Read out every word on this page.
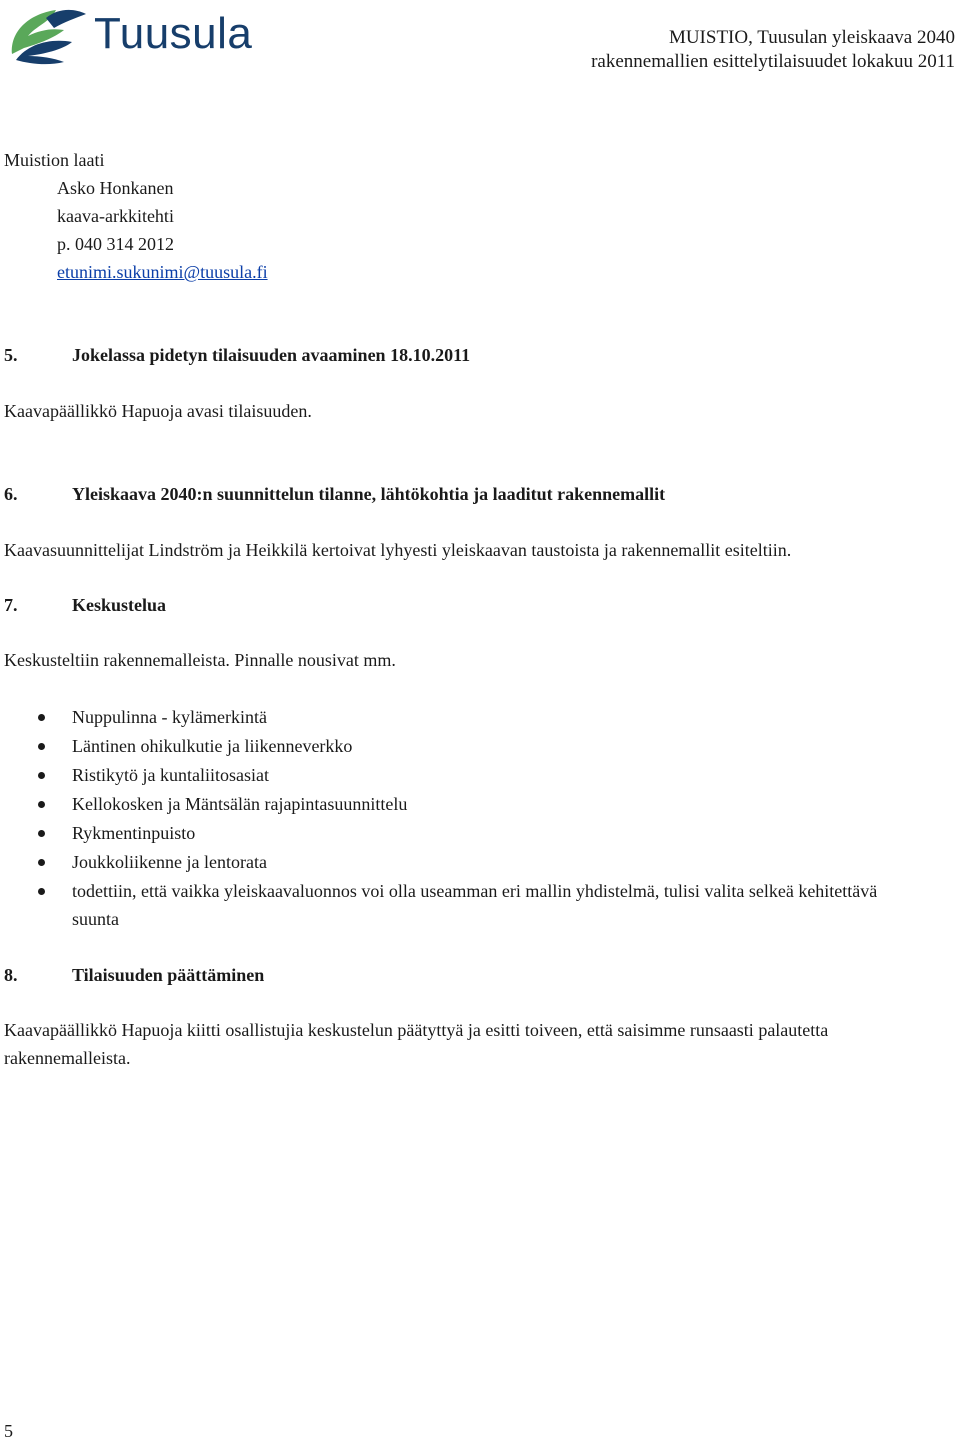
Tuusula	MUISTIO, Tuusulan yleiskaava 2040
rakennemallien esittelytilaisuudet lokakuu 2011
Muistion laati
Asko Honkanen
kaava-arkkitehti
p. 040 314 2012
etunimi.sukunimi@tuusula.fi
5.	Jokelassa pidetyn tilaisuuden avaaminen 18.10.2011
Kaavapäällikkö Hapuoja avasi tilaisuuden.
6.	Yleiskaava 2040:n suunnittelun tilanne, lähtökohtia ja laaditut rakennemallit
Kaavasuunnittelijat Lindström ja Heikkilä kertoivat lyhyesti yleiskaavan taustoista ja rakennemallit esiteltiin.
7.	Keskustelua
Keskusteltiin rakennemalleista. Pinnalle nousivat mm.
Nuppulinna - kylämerkintä
Läntinen ohikulkutie ja liikenneverkko
Ristikytö ja kuntaliitosasiat
Kellokosken ja Mäntsälän rajapintasuunnittelu
Rykmentinpuisto
Joukkoliikenne ja lentorata
todettiin, että vaikka yleiskaavaluonnos voi olla useamman eri mallin yhdistelmä, tulisi valita selkeä kehitettävä suunta
8.	Tilaisuuden päättäminen
Kaavapäällikkö Hapuoja kiitti osallistujia keskustelun päätyttyä ja esitti toiveen, että saisimme runsaasti palautetta rakennemalleista.
5
